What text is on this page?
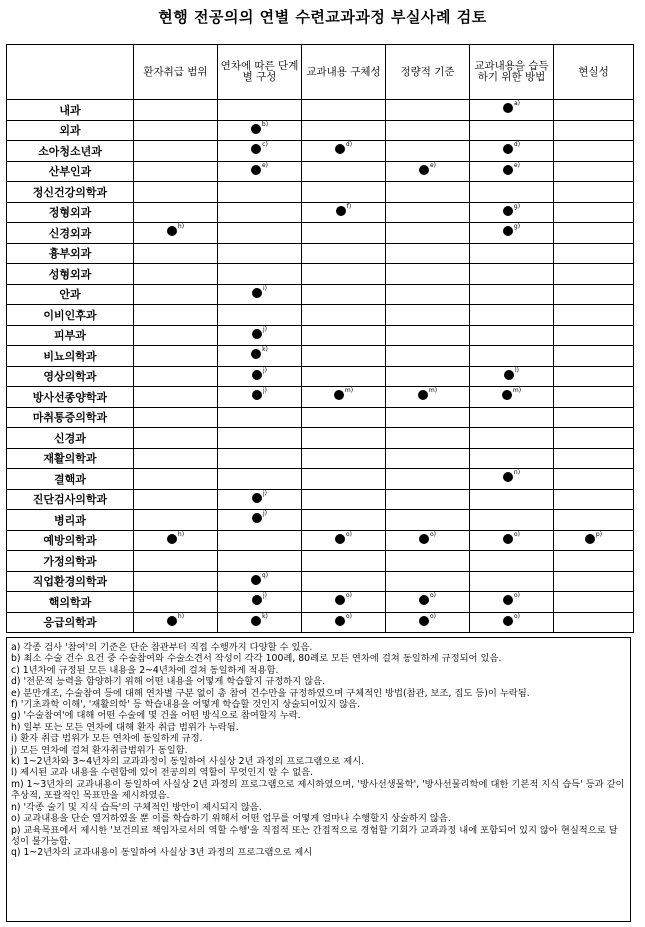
현행 전공의의 연별 수련교과과정 부실사례 검토
	환자취급 범위	연차에 따른 단계별 구성	교과내용 구체성	정량적 기준	교과내용을 습득하기 위한 방법	현실성
내과					a)	

외과		b)				

소아청소년과		c)	d)		d)	

산부인과		e)		e)	e)	

정신건강의학과						
정형외과			f)		g)	

신경외과	h)				g)	

흉부외과						
성형외과						
안과		i)				

이비인후과						
피부과		j)				

비뇨의학과		k)				

영상의학과		j)			l)	

방사선종양학과		j)	m)	m)	m)	

마취통증의학과						
신경과						
재활의학과						
결핵과					n)	

진단검사의학과		j)				

병리과		j)				

예방의학과	h)		o)	o)	o)	p)

가정의학과						
직업환경의학과		q)				

핵의학과		j)	o)	o)	o)	

응급의학과	h)	k)	o)	o)	o)	

a) 각종 검사 '참여'의 기준은 단순 참관부터 직접 수행까지 다양할 수 있음.
b) 최소 수술 건수 요건 중 수술참여와 수술소견서 작성이 각각 100례, 80례로 모든 연차에 걸쳐 동일하게 규정되어 있음.
c) 1년차에 규정된 모든 내용을 2~4년차에 걸쳐 동일하게 적용함.
d) '전문적 능력을 함양하기 위해 어떤 내용을 어떻게 학습할지 규정하지 않음.
e) 분만개조, 수술참여 등에 대해 연차별 구분 없이 총 참여 건수만을 규정하였으며 구체적인 방법(참관, 보조, 집도 등)이 누락됨.
f) '기초과학 이해', '재활의학' 등 학습내용을 어떻게 학습할 것인지 상술되어있지 않음.
g) '수술참여'에 대해 어떤 수술에 몇 건을 어떤 방식으로 참여할지 누락.
h) 일부 또는 모든 연차에 대해 환자 취급 범위가 누락됨.
i) 환자 취급 범위가 모든 연차에 동일하게 규정.
j) 모든 연차에 걸쳐 환자취급범위가 동일함.
k) 1~2년차와 3~4년차의 교과과정이 동일하여 사실상 2년 과정의 프로그램으로 제시.
l) 제시된 교과 내용을 수련함에 있어 전공의의 역할이 무엇인지 알 수 없음.
m) 1~3년차의 교과내용이 동일하여 사실상 2년 과정의 프로그램으로 제시하였으며, '방사선생물학', '방사선물리학에 대한 기본적 지식 습득' 등과 같이 추상적, 포괄적인 목표만을 제시하였음.
n) '각종 술기 및 지식 습득'의 구체적인 방안이 제시되지 않음.
o) 교과내용을 단순 열거하였을 뿐 이를 학습하기 위해서 어떤 업무를 어떻게 얼마나 수행할지 상술하지 않음.
p) 교육목표에서 제시한 '보건의료 책임자로서의 역할 수행'을 직접적 또는 간접적으로 경험할 기회가 교과과정 내에 포함되어 있지 않아 현실적으로 달성이 불가능함.
q) 1~2년차의 교과내용이 동일하여 사실상 3년 과정의 프로그램으로 제시
